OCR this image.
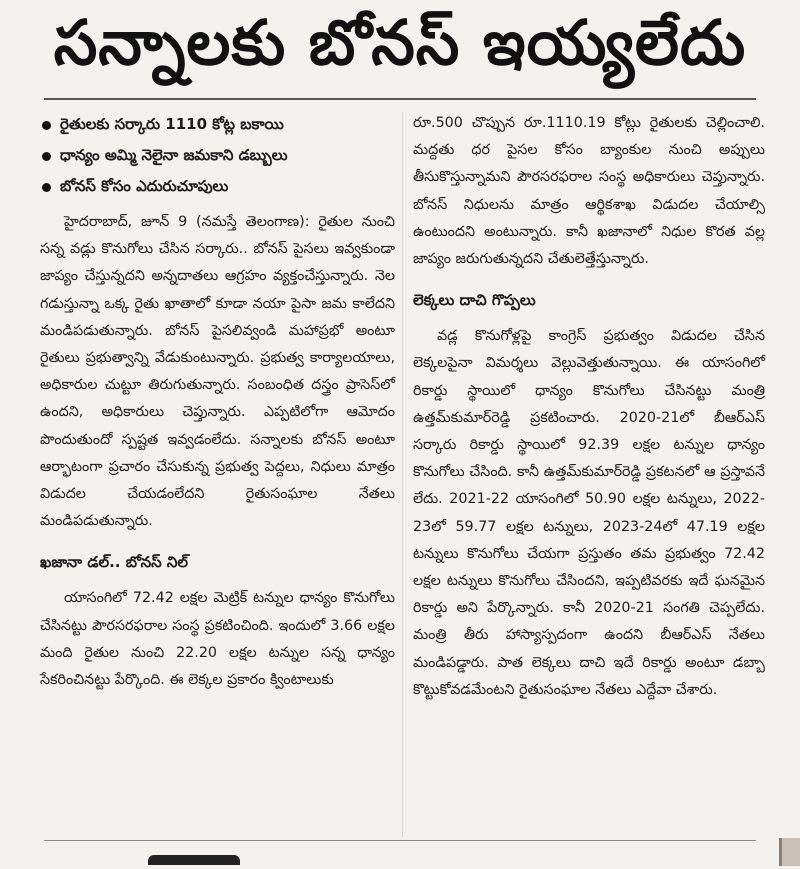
సన్నాలకు బోనస్ ఇయ్యలేదు
రైతులకు సర్కారు 1110 కోట్ల బకాయి
ధాన్యం అమ్మి నెలైనా జమకాని డబ్బులు
బోనస్ కోసం ఎదురుచూపులు

హైదరాబాద్, జూన్ 9 (నమస్తే తెలంగాణ): రైతుల నుంచి సన్న వడ్లు కొనుగోలు చేసిన సర్కారు.. బోనస్ పైసలు ఇవ్వకుండా జాప్యం చేస్తున్నదని అన్నదాతలు ఆగ్రహం వ్యక్తంచేస్తున్నారు. నెల గడుస్తున్నా ఒక్క రైతు ఖాతాలో కూడా నయా పైసా జమ కాలేదని మండిపడుతున్నారు. బోనస్ పైసలివ్వండి మహాప్రభో అంటూ రైతులు ప్రభుత్వాన్ని వేడుకుంటున్నారు. ప్రభుత్వ కార్యాలయాలు, అధికారుల చుట్టూ తిరుగుతున్నారు. సంబంధిత దస్త్రం ప్రాసెస్‌లో ఉందని, అధికారులు చెప్తున్నారు. ఎప్పటిలోగా ఆమోదం పొందుతుందో స్పష్టత ఇవ్వడంలేదు. సన్నాలకు బోనస్ అంటూ ఆర్భాటంగా ప్రచారం చేసుకున్న ప్రభుత్వ పెద్దలు, నిధులు మాత్రం విడుదల చేయడంలేదని రైతుసంఘాల నేతలు మండిపడుతున్నారు.

ఖజానా డల్.. బోనస్ నిల్

యాసంగిలో 72.42 లక్షల మెట్రిక్ టన్నుల ధాన్యం కొనుగోలు చేసినట్టు పౌరసరఫరాల సంస్థ ప్రకటించింది. ఇందులో 3.66 లక్షల మంది రైతుల నుంచి 22.20 లక్షల టన్నుల సన్న ధాన్యం సేకరించినట్టు పేర్కొంది. ఈ లెక్కల ప్రకారం క్వింటాలుకు

రూ.500 చొప్పున రూ.1110.19 కోట్లు రైతులకు చెల్లించాలి. మద్దతు ధర పైసల కోసం బ్యాంకుల నుంచి అప్పులు తీసుకొస్తున్నామని పౌరసరఫరాల సంస్థ అధికారులు చెప్తున్నారు. బోనస్ నిధులను మాత్రం ఆర్థికశాఖ విడుదల చేయాల్సి ఉంటుందని అంటున్నారు. కానీ ఖజానాలో నిధుల కొరత వల్ల జాప్యం జరుగుతున్నదని చేతులెత్తేస్తున్నారు.

లెక్కలు దాచి గొప్పలు

వడ్ల కొనుగోళ్లపై కాంగ్రెస్ ప్రభుత్వం విడుదల చేసిన లెక్కలపైనా విమర్శలు వెల్లువెత్తుతున్నాయి. ఈ యాసంగిలో రికార్డు స్థాయిలో ధాన్యం కొనుగోలు చేసినట్టు మంత్రి ఉత్తమ్‌కుమార్‌రెడ్డి ప్రకటించారు. 2020-21లో బీఆర్ఎస్ సర్కారు రికార్డు స్థాయిలో 92.39 లక్షల టన్నుల ధాన్యం కొనుగోలు చేసింది. కానీ ఉత్తమ్‌కుమార్‌రెడ్డి ప్రకటనలో ఆ ప్రస్తావనే లేదు. 2021-22 యాసంగిలో 50.90 లక్షల టన్నులు, 2022-23లో 59.77 లక్షల టన్నులు, 2023-24లో 47.19 లక్షల టన్నులు కొనుగోలు చేయగా ప్రస్తుతం తమ ప్రభుత్వం 72.42 లక్షల టన్నులు కొనుగోలు చేసిందని, ఇప్పటివరకు ఇదే ఘనమైన రికార్డు అని పేర్కొన్నారు. కానీ 2020-21 సంగతి చెప్పలేదు. మంత్రి తీరు హాస్యాస్పదంగా ఉందని బీఆర్ఎస్ నేతలు మండిపడ్డారు. పాత లెక్కలు దాచి ఇదే రికార్డు అంటూ డబ్బా కొట్టుకోవడమేంటని రైతుసంఘాల నేతలు ఎద్దేవా చేశారు.
